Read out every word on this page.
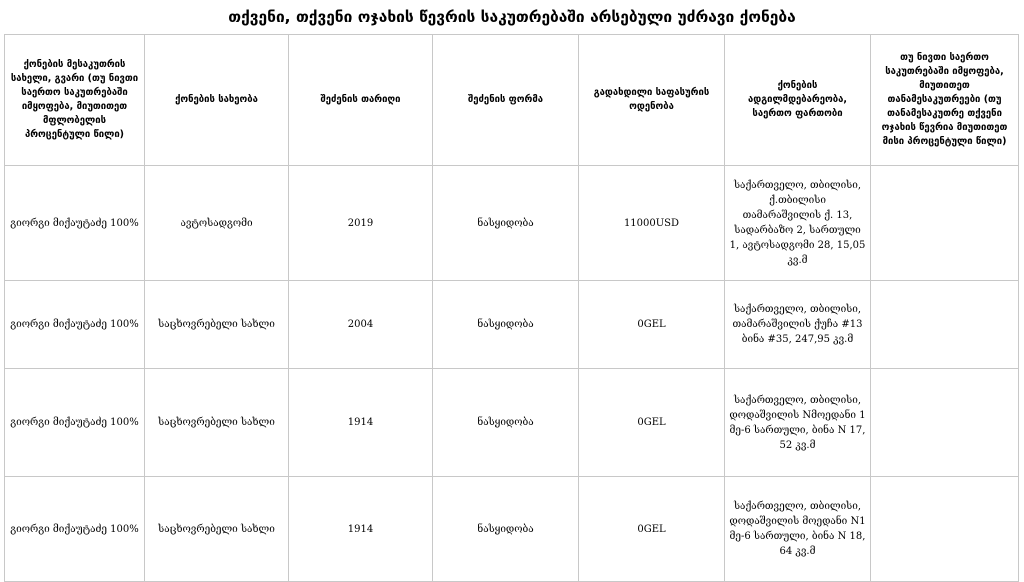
თქვენი, თქვენი ოჯახის წევრის საკუთრებაში არსებული უძრავი ქონება
ქონების მესაკუთრის სახელი, გვარი (თუ ნივთი საერთო საკუთრებაში იმყოფება, მიუთითეთ მფლობელის პროცენტული წილი)	ქონების სახეობა	შეძენის თარიღი	შეძენის ფორმა	გადახდილი საფასურის ოდენობა	ქონების ადგილმდებარეობა, საერთო ფართობი	თუ ნივთი საერთო საკუთრებაში იმყოფება, მიუთითეთ თანამესაკუთრეები (თუ თანამესაკუთრე თქვენი ოჯახის წევრია მიუთითეთ მისი პროცენტული წილი)
გიორგი მიქაუტაძე 100%	ავტოსადგომი	2019	ნასყიდობა	11000USD	საქართველო, თბილისი, ქ.თბილისი თამარაშვილის ქ. 13, სადარბაზო 2, სართული 1, ავტოსადგომი 28, 15,05 კვ.მ	
გიორგი მიქაუტაძე 100%	საცხოვრებელი სახლი	2004	ნასყიდობა	0GEL	საქართველო, თბილისი, თამარაშვილის ქუჩა #13 ბინა #35, 247,95 კვ.მ	
გიორგი მიქაუტაძე 100%	საცხოვრებელი სახლი	1914	ნასყიდობა	0GEL	საქართველო, თბილისი, დოდაშვილის Nმოედანი 1 მე-6 სართული, ბინა N 17, 52 კვ.მ	
გიორგი მიქაუტაძე 100%	საცხოვრებელი სახლი	1914	ნასყიდობა	0GEL	საქართველო, თბილისი, დოდაშვილის მოედანი N1 მე-6 სართული, ბინა N 18, 64 კვ.მ	
